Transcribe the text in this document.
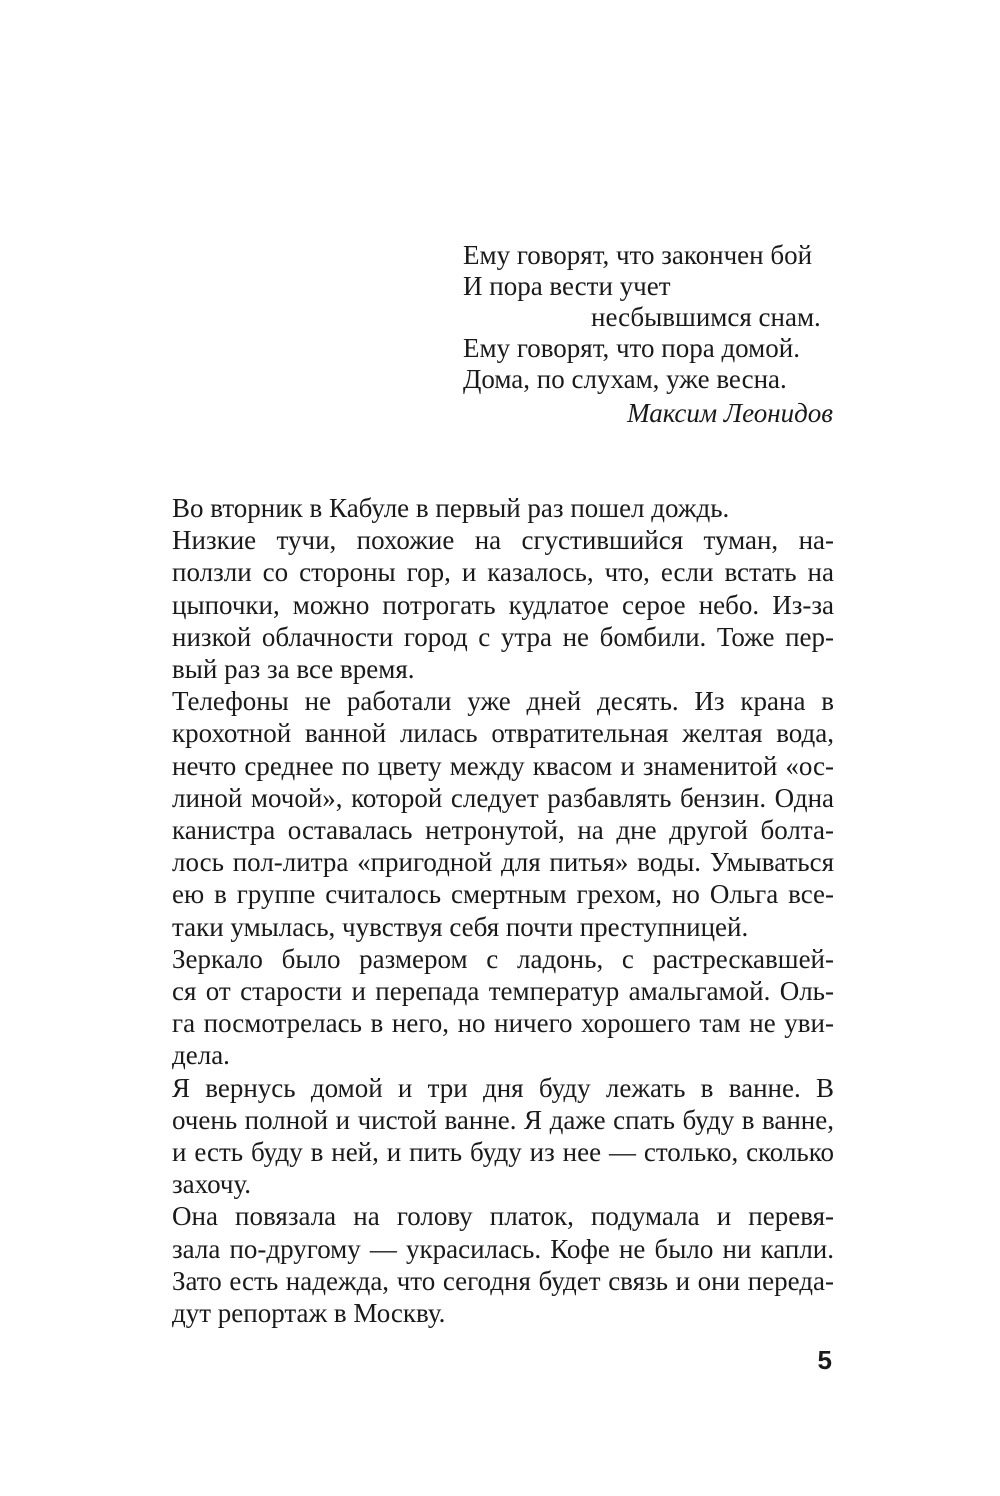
Ему говорят, что закончен бой
И пора вести учет
несбывшимся снам.
Ему говорят, что пора домой.
Дома, по слухам, уже весна.
Максим Леонидов

Во вторник в Кабуле в первый раз пошел дождь.

Низкие тучи, похожие на сгустившийся туман, на-
ползли со стороны гор, и казалось, что, если встать на
цыпочки, можно потрогать кудлатое серое небо. Из-за
низкой облачности город с утра не бомбили. Тоже пер-
вый раз за все время.

Телефоны не работали уже дней десять. Из крана в
крохотной ванной лилась отвратительная желтая вода,
нечто среднее по цвету между квасом и знаменитой «ос-
линой мочой», которой следует разбавлять бензин. Одна
канистра оставалась нетронутой, на дне другой болта-
лось пол-литра «пригодной для питья» воды. Умываться
ею в группе считалось смертным грехом, но Ольга все-
таки умылась, чувствуя себя почти преступницей.

Зеркало было размером с ладонь, с растрескавшей-
ся от старости и перепада температур амальгамой. Оль-
га посмотрелась в него, но ничего хорошего там не уви-
дела.

Я вернусь домой и три дня буду лежать в ванне. В
очень полной и чистой ванне. Я даже спать буду в ванне,
и есть буду в ней, и пить буду из нее — столько, сколько
захочу.

Она повязала на голову платок, подумала и перевя-
зала по-другому — украсилась. Кофе не было ни капли.
Зато есть надежда, что сегодня будет связь и они переда-
дут репортаж в Москву.

5
